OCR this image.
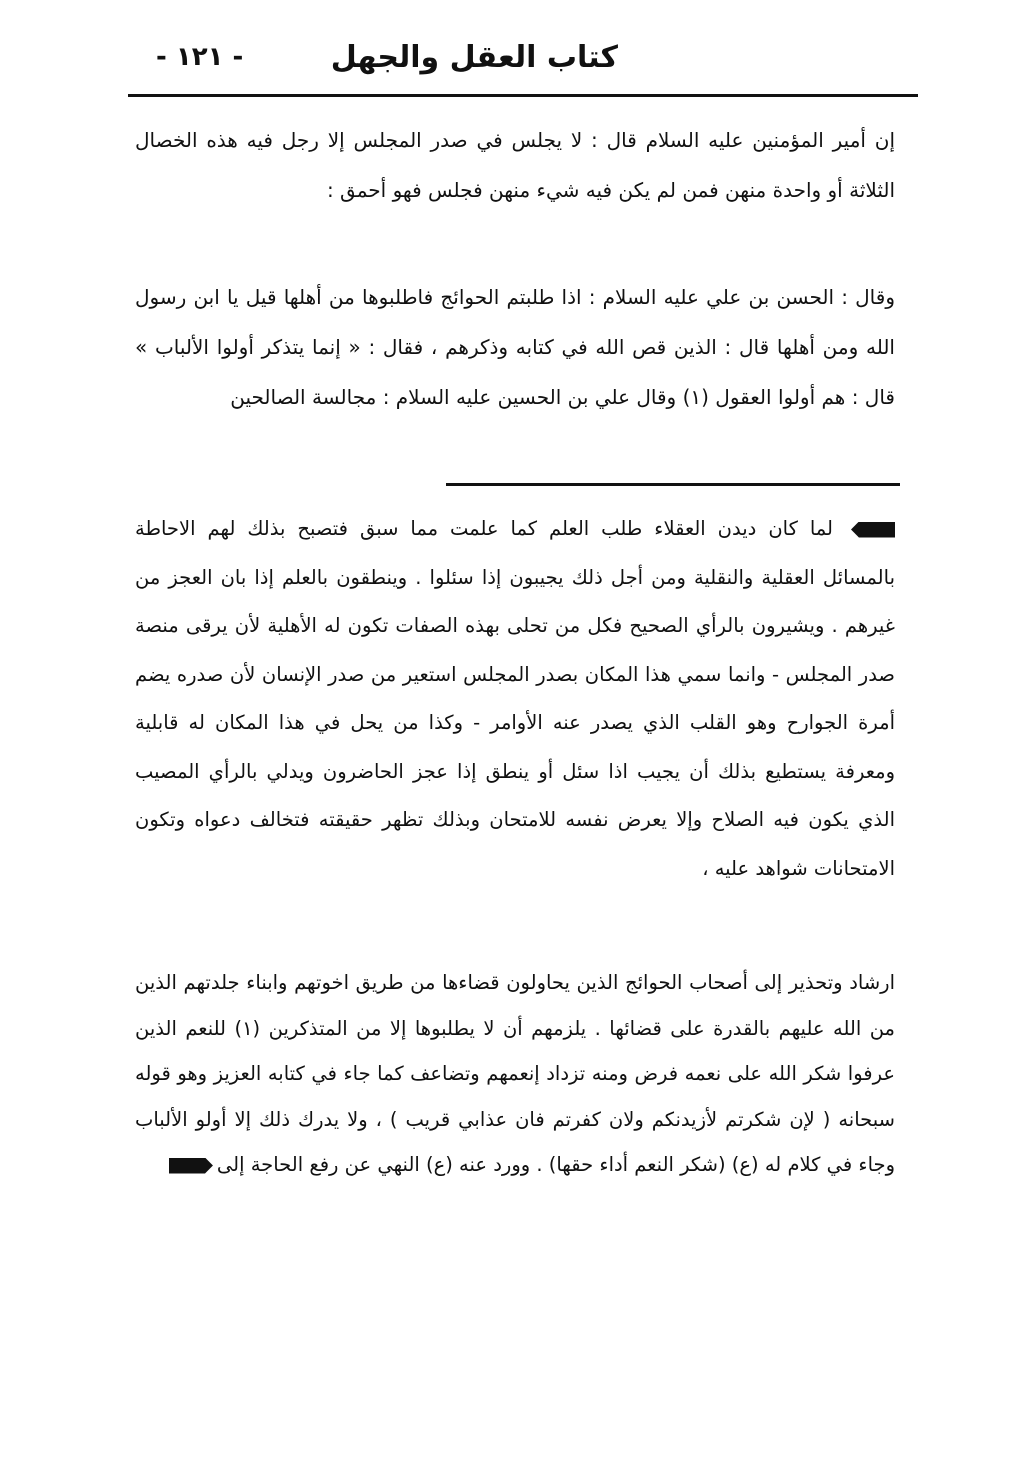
كتاب العقل والجهل
- ١٢١ -

إن أمير المؤمنين عليه السلام قال : لا يجلس في صدر المجلس إلا رجل فيه هذه الخصال الثلاثة أو واحدة منهن فمن لم يكن فيه شيء منهن فجلس فهو أحمق :

وقال : الحسن بن علي عليه السلام : اذا طلبتم الحوائج فاطلبوها من أهلها قيل يا ابن رسول الله ومن أهلها قال : الذين قص الله في كتابه وذكرهم ، فقال : « إنما يتذكر أولوا الألباب » قال : هم أولوا العقول (١) وقال علي بن الحسين عليه السلام : مجالسة الصالحين

لما كان ديدن العقلاء طلب العلم كما علمت مما سبق فتصبح بذلك لهم الاحاطة بالمسائل العقلية والنقلية ومن أجل ذلك يجيبون إذا سئلوا . وينطقون بالعلم إذا بان العجز من غيرهم . ويشيرون بالرأي الصحيح فكل من تحلى بهذه الصفات تكون له الأهلية لأن يرقى منصة صدر المجلس - وانما سمي هذا المكان بصدر المجلس استعير من صدر الإنسان لأن صدره يضم أمرة الجوارح وهو القلب الذي يصدر عنه الأوامر - وكذا من يحل في هذا المكان له قابلية ومعرفة يستطيع بذلك أن يجيب اذا سئل أو ينطق إذا عجز الحاضرون ويدلي بالرأي المصيب الذي يكون فيه الصلاح وإلا يعرض نفسه للامتحان وبذلك تظهر حقيقته فتخالف دعواه وتكون الامتحانات شواهد عليه ،

ارشاد وتحذير إلى أصحاب الحوائج الذين يحاولون قضاءها من طريق اخوتهم وابناء جلدتهم الذين من الله عليهم بالقدرة على قضائها . يلزمهم أن لا يطلبوها إلا من المتذكرين (١) للنعم الذين عرفوا شكر الله على نعمه فرض ومنه تزداد إنعمهم وتضاعف كما جاء في كتابه العزيز وهو قوله سبحانه ( لإن شكرتم لأزيدنكم ولان كفرتم فان عذابي قريب ) ، ولا يدرك ذلك إلا أولو الألباب وجاء في كلام له (ع) (شكر النعم أداء حقها) . وورد عنه (ع) النهي عن رفع الحاجة إلى
